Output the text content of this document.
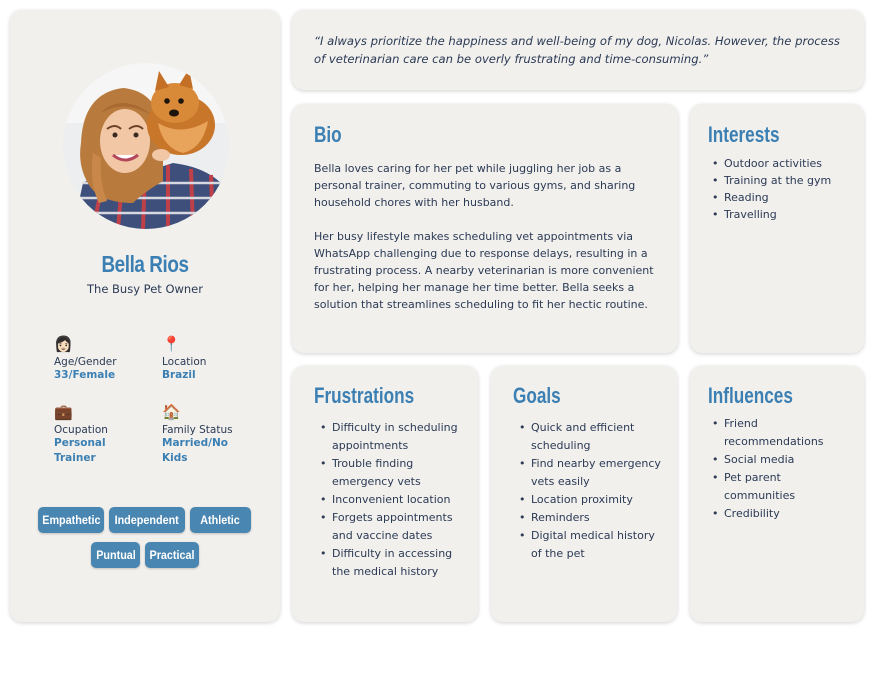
Bella Rios
The Busy Pet Owner
👩🏻
Age/Gender
33/Female
📍
Location
Brazil
💼
Ocupation
Personal Trainer
🏠
Family Status
Married/No Kids
Empathetic	Independent	Athletic
Puntual	Practical

“I always prioritize the happiness and well-being of my dog, Nicolas. However, the process of veterinarian care can be overly frustrating and time-consuming.”

Bio
Bella loves caring for her pet while juggling her job as a personal trainer, commuting to various gyms, and sharing household chores with her husband.
Her busy lifestyle makes scheduling vet appointments via WhatsApp challenging due to response delays, resulting in a frustrating process. A nearby veterinarian is more convenient for her, helping her manage her time better. Bella seeks a solution that streamlines scheduling to fit her hectic routine.
Interests
• Outdoor activities
• Training at the gym
• Reading
• Travelling
Frustrations
• Difficulty in scheduling appointments
• Trouble finding emergency vets
• Inconvenient location
• Forgets appointments and vaccine dates
• Difficulty in accessing the medical history
Goals
• Quick and efficient scheduling
• Find nearby emergency vets easily
• Location proximity
• Reminders
• Digital medical history of the pet
Influences
• Friend recommendations
• Social media
• Pet parent communities
• Credibility
